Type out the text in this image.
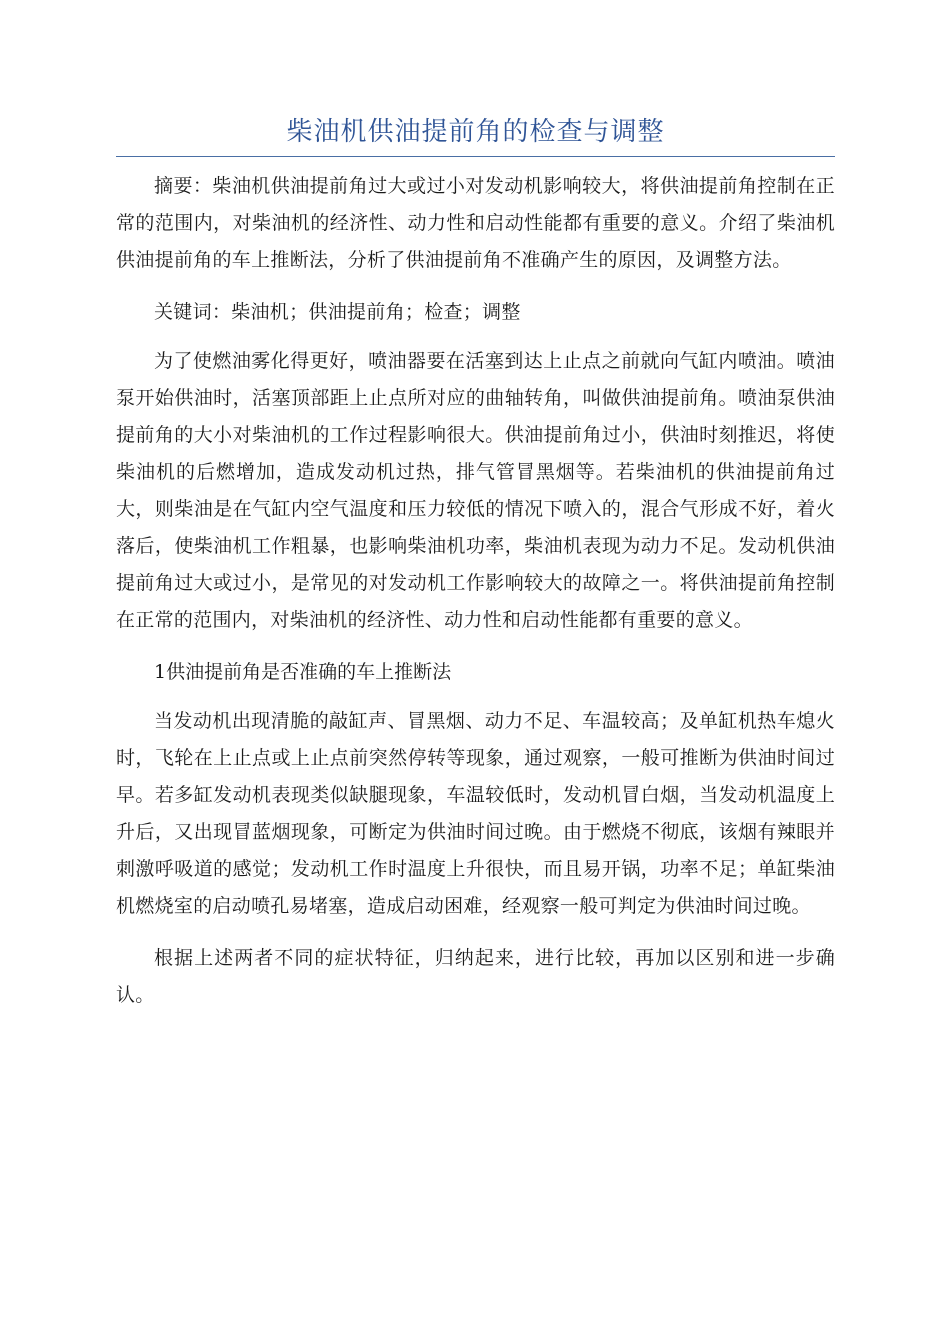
柴油机供油提前角的检查与调整

摘要：柴油机供油提前角过大或过小对发动机影响较大，将供油提前角控制在正常的范围内，对柴油机的经济性、动力性和启动性能都有重要的意义。介绍了柴油机供油提前角的车上推断法，分析了供油提前角不准确产生的原因，及调整方法。

关键词：柴油机；供油提前角；检查；调整

为了使燃油雾化得更好，喷油器要在活塞到达上止点之前就向气缸内喷油。喷油泵开始供油时，活塞顶部距上止点所对应的曲轴转角，叫做供油提前角。喷油泵供油提前角的大小对柴油机的工作过程影响很大。供油提前角过小，供油时刻推迟，将使柴油机的后燃增加，造成发动机过热，排气管冒黑烟等。若柴油机的供油提前角过大，则柴油是在气缸内空气温度和压力较低的情况下喷入的，混合气形成不好，着火落后，使柴油机工作粗暴，也影响柴油机功率，柴油机表现为动力不足。发动机供油提前角过大或过小，是常见的对发动机工作影响较大的故障之一。将供油提前角控制在正常的范围内，对柴油机的经济性、动力性和启动性能都有重要的意义。

1供油提前角是否准确的车上推断法

当发动机出现清脆的敲缸声、冒黑烟、动力不足、车温较高；及单缸机热车熄火时，飞轮在上止点或上止点前突然停转等现象，通过观察，一般可推断为供油时间过早。若多缸发动机表现类似缺腿现象，车温较低时，发动机冒白烟，当发动机温度上升后，又出现冒蓝烟现象，可断定为供油时间过晚。由于燃烧不彻底，该烟有辣眼并刺激呼吸道的感觉；发动机工作时温度上升很快，而且易开锅，功率不足；单缸柴油机燃烧室的启动喷孔易堵塞，造成启动困难，经观察一般可判定为供油时间过晚。

根据上述两者不同的症状特征，归纳起来，进行比较，再加以区别和进一步确认。
